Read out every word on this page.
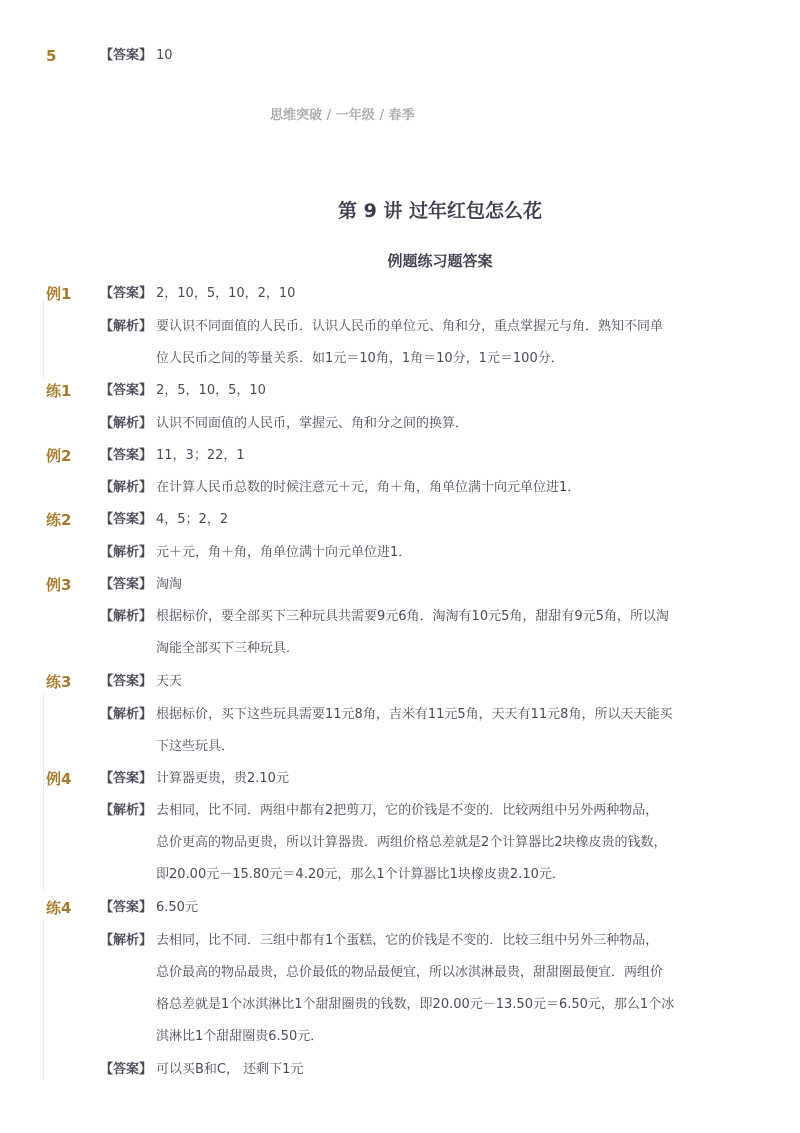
5	【答案】 10
思维突破 / 一年级 / 春季
第 9 讲 过年红包怎么花
例题练习题答案
例1 【答案】 2，10，5，10，2，10
【解析】 要认识不同面值的人民币．认识人民币的单位元、角和分，重点掌握元与角．熟知不同单
位人民币之间的等量关系．如1元＝10角，1角＝10分，1元＝100分．
练1 【答案】 2，5，10，5，10
【解析】 认识不同面值的人民币，掌握元、角和分之间的换算．
例2 【答案】 11，3；22，1
【解析】 在计算人民币总数的时候注意元＋元，角＋角，角单位满十向元单位进1．
练2 【答案】 4，5；2，2
【解析】 元＋元，角＋角，角单位满十向元单位进1．
例3 【答案】 淘淘
【解析】 根据标价，要全部买下三种玩具共需要9元6角．淘淘有10元5角，甜甜有9元5角，所以淘
淘能全部买下三种玩具．
练3 【答案】 天天
【解析】 根据标价，买下这些玩具需要11元8角，吉米有11元5角，天天有11元8角，所以天天能买
下这些玩具．
例4 【答案】 计算器更贵，贵2.10元
【解析】 去相同，比不同．两组中都有2把剪刀，它的价钱是不变的．比较两组中另外两种物品，
总价更高的物品更贵，所以计算器贵．两组价格总差就是2个计算器比2块橡皮贵的钱数，
即20.00元－15.80元＝4.20元，那么1个计算器比1块橡皮贵2.10元．
练4 【答案】 6.50元
【解析】 去相同，比不同．三组中都有1个蛋糕，它的价钱是不变的．比较三组中另外三种物品，
总价最高的物品最贵，总价最低的物品最便宜，所以冰淇淋最贵，甜甜圈最便宜．两组价
格总差就是1个冰淇淋比1个甜甜圈贵的钱数，即20.00元－13.50元＝6.50元，那么1个冰
淇淋比1个甜甜圈贵6.50元．
【答案】 可以买B和C， 还剩下1元
